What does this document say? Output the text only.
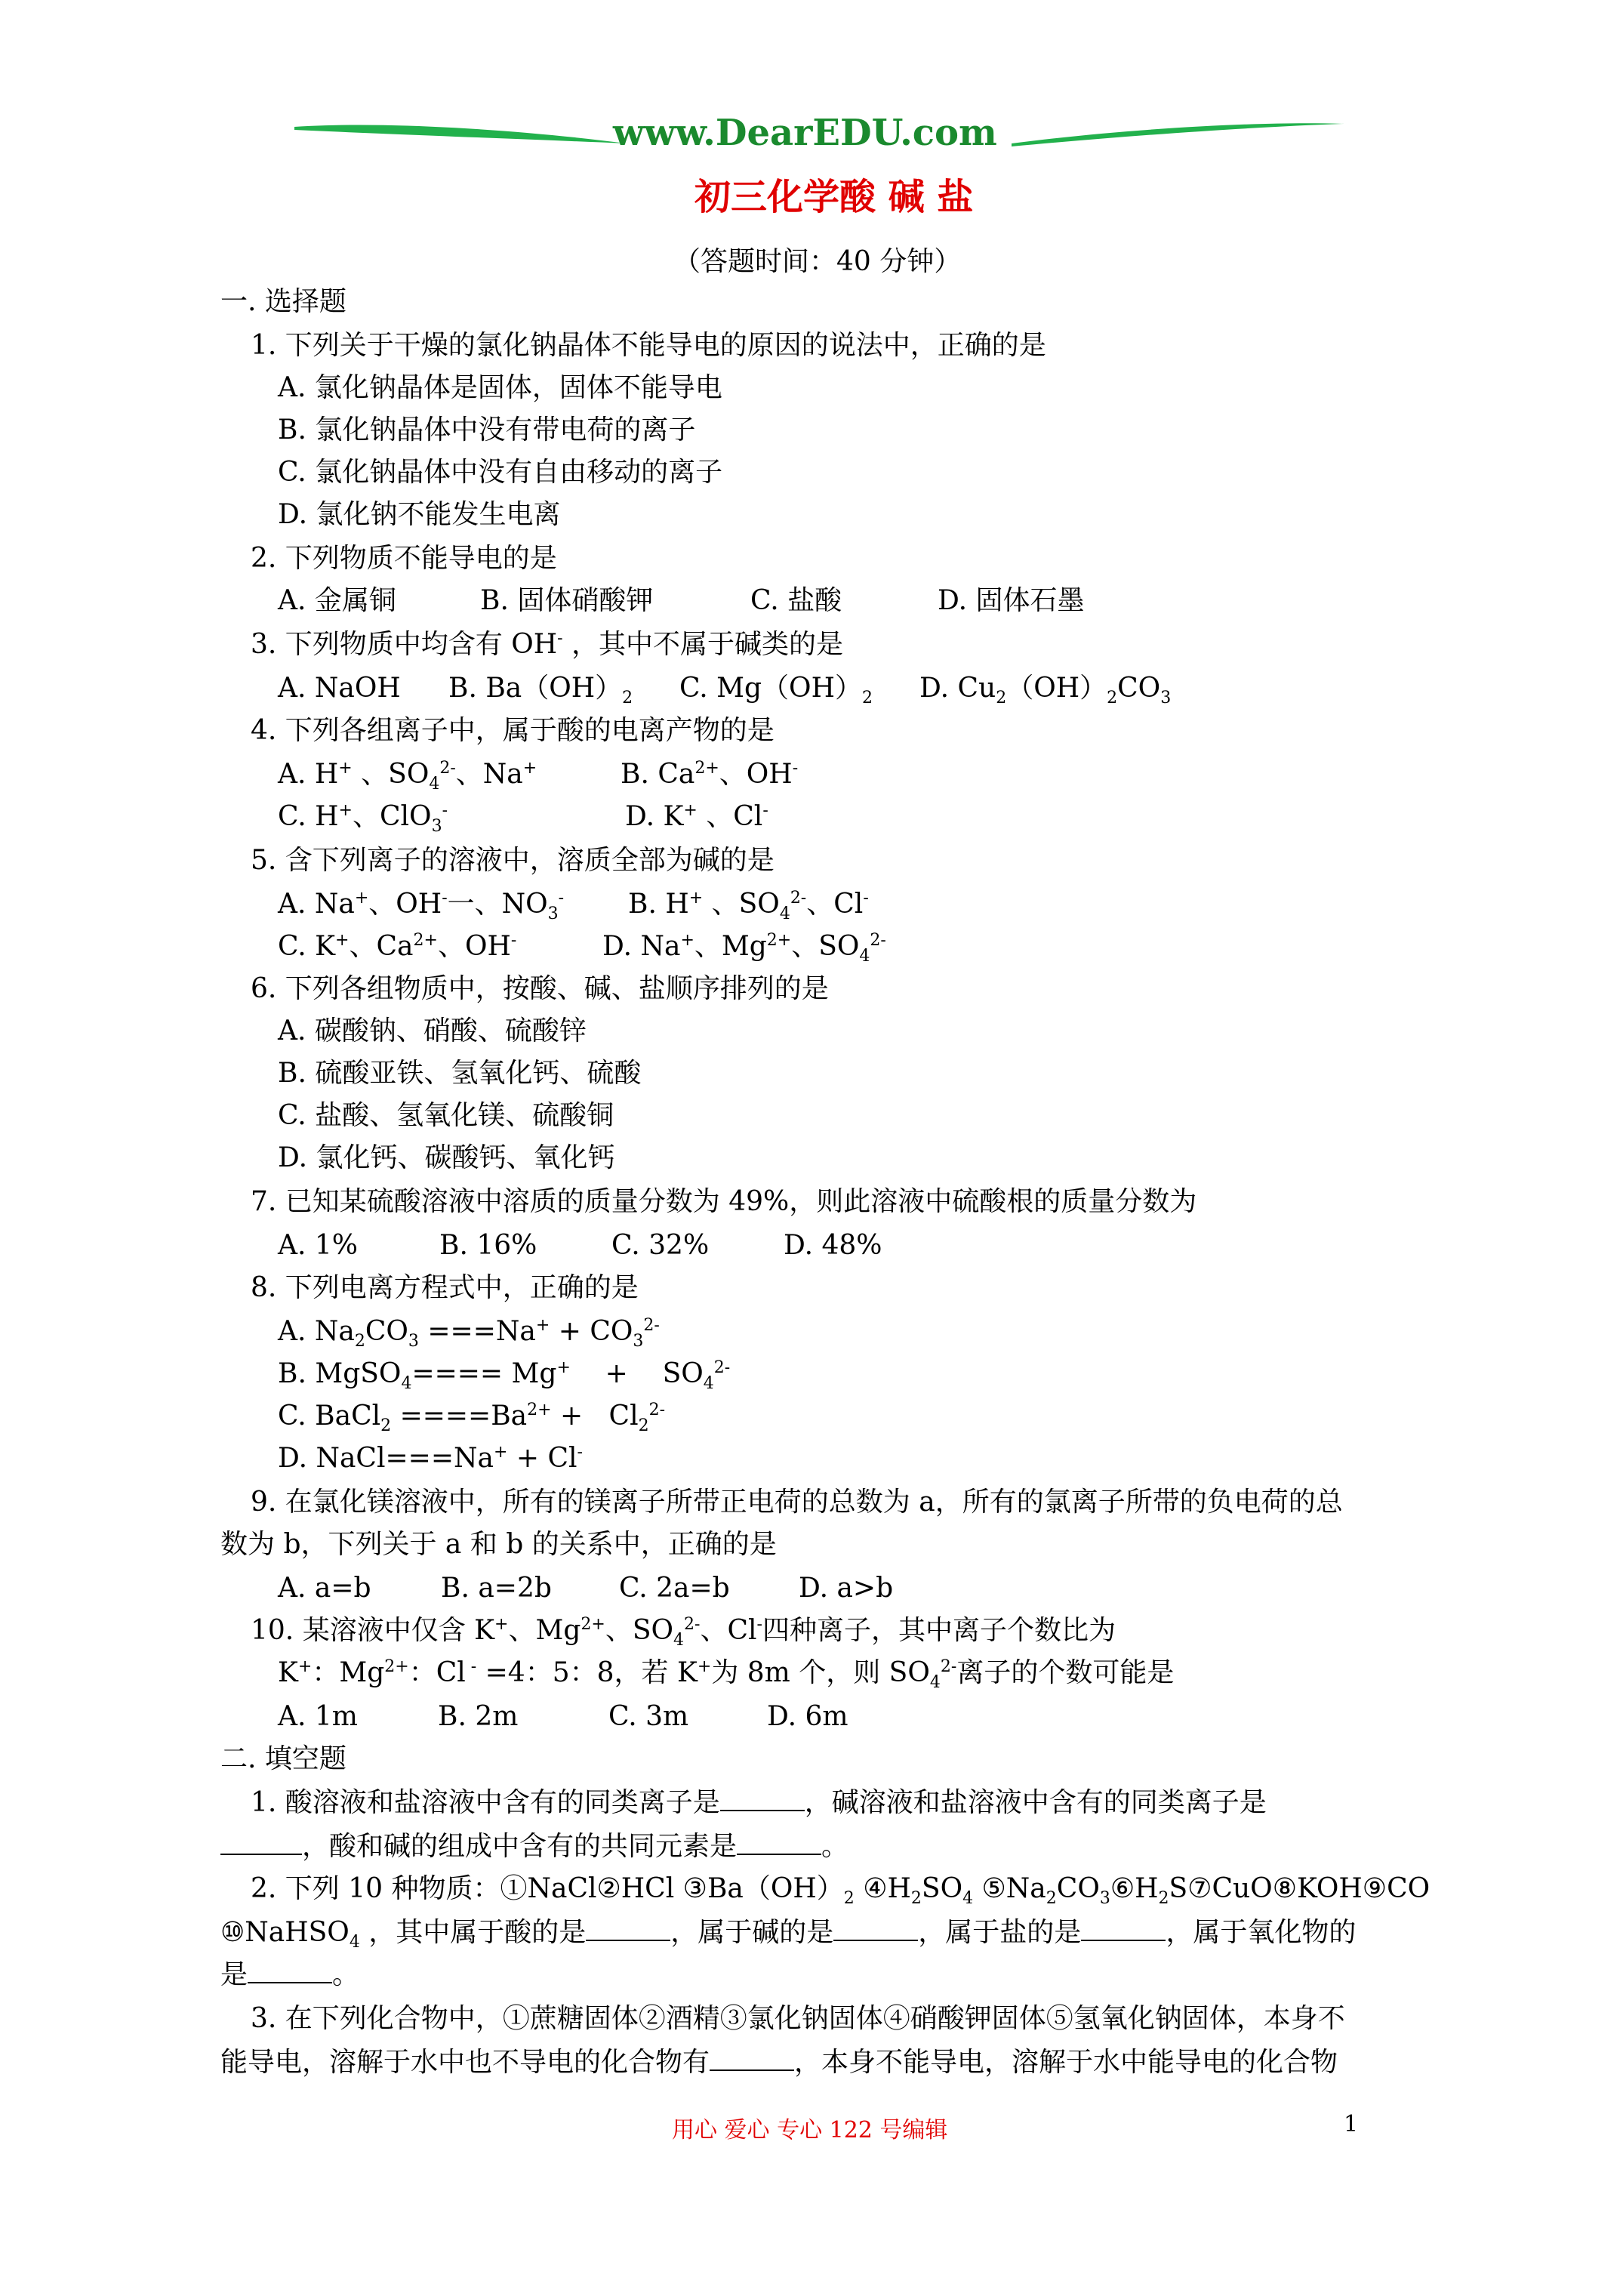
www.DearEDU.com
初三化学酸 碱 盐
（答题时间：40 分钟）
一. 选择题
1. 下列关于干燥的氯化钠晶体不能导电的原因的说法中，正确的是
A. 氯化钠晶体是固体，固体不能导电
B. 氯化钠晶体中没有带电荷的离子
C. 氯化钠晶体中没有自由移动的离子
D. 氯化钠不能发生电离
2. 下列物质不能导电的是
A. 金属铜	B. 固体硝酸钾	C. 盐酸	D. 固体石墨
3. 下列物质中均含有 OH- ，其中不属于碱类的是
A. NaOH B. $Ba(OH)_2$ C. $Mg(OH)_2$ D. $Cu_2(OH)_2CO_3$
4. 下列各组离子中，属于酸的电离产物的是
A. H+ 、$SO_4^{2-}$、Na+	B. $Ca^{2+}$、OH-
C. H+、ClO$_3$-	D. K+ 、Cl-
5. 含下列离子的溶液中，溶质全部为碱的是
A. Na+、OH-一、$NO_3^-$ B. H+ 、$SO_4^{2-}$、Cl-
C. K+、$Ca^{2+}$、OH-	D. Na+、$Mg^{2+}$、$SO_4^{2-}$
6. 下列各组物质中，按酸、碱、盐顺序排列的是
A. 碳酸钠、硝酸、硫酸锌
B. 硫酸亚铁、氢氧化钙、硫酸
C. 盐酸、氢氧化镁、硫酸铜
D. 氯化钙、碳酸钙、氧化钙
7. 已知某硫酸溶液中溶质的质量分数为 49%，则此溶液中硫酸根的质量分数为
A. 1%	B. 16%	C. 32%	D. 48%
8. 下列电离方程式中，正确的是
A. $Na_2CO_3 ===Na^+ + CO_3^{2-}$
B. MgSO$_4$==== Mg+    +    $SO_4^{2-}$
C. BaCl$_2$ $====Ba^{2+} + Cl_2^{2-}$
D. NaCl===Na+ + Cl-
9. 在氯化镁溶液中，所有的镁离子所带正电荷的总数为 a，所有的氯离子所带的负电荷的总
数为 b，下列关于 a 和 b 的关系中，正确的是
A. a=b	B. a=2b C. 2a=b	D. a>b
10. 某溶液中仅含 K+、$Mg^{2+}$、$SO_4^{2-}$、Cl-四种离子，其中离子个数比为
K+：$Mg^{2+}$：Cl - =4：5：8，若 K+为 8m 个，则 $SO_4^{2-}$离子的个数可能是
A. 1m	B. 2m	C. 3m	D. 6m
二. 填空题
1. 酸溶液和盐溶液中含有的同类离子是	，碱溶液和盐溶液中含有的同类离子是
，酸和碱的组成中含有的共同元素是	。
2. 下列 10 种物质：①NaCl②HCl $③Ba(OH)_2$ $④H_2SO_4$ $⑤Na_2CO_3⑥H_2S⑦CuO⑧KOH⑨CO$
⑩NaHSO$_4$ ，其中属于酸的是	，属于碱的是	，属于盐的是	，属于氧化物的
是	。
3. 在下列化合物中，①蔗糖固体②酒精③氯化钠固体④硝酸钾固体⑤氢氧化钠固体，本身不
能导电，溶解于水中也不导电的化合物有	，本身不能导电，溶解于水中能导电的化合物
用心 爱心 专心 122 号编辑	1
